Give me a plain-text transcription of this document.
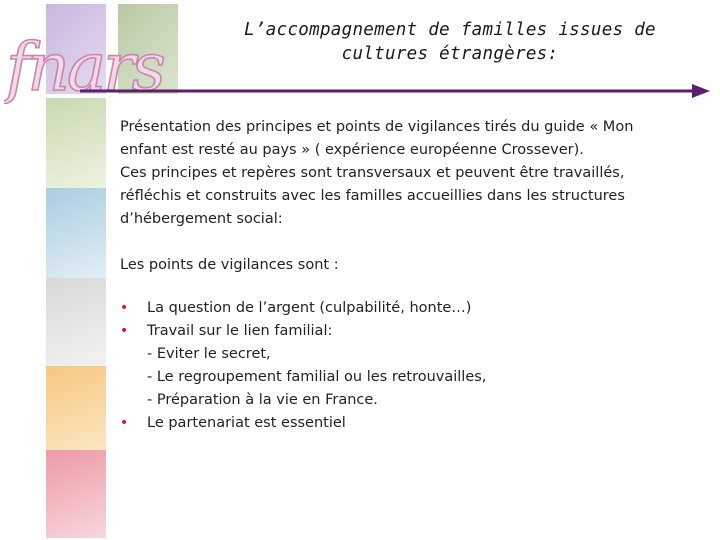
fnars	L’accompagnement de familles issues de
cultures étrangères:
Présentation des principes et points de vigilances tirés du guide « Mon
enfant est resté au pays » ( expérience européenne Crossever).
Ces principes et repères sont transversaux et peuvent être travaillés,
réfléchis et construits avec les familles accueillies dans les structures
d’hébergement social:
Les points de vigilances sont :
• La question de l’argent (culpabilité, honte…)
• Travail sur le lien familial:
- Eviter le secret,
- Le regroupement familial ou les retrouvailles,
- Préparation à la vie en France.
• Le partenariat est essentiel
